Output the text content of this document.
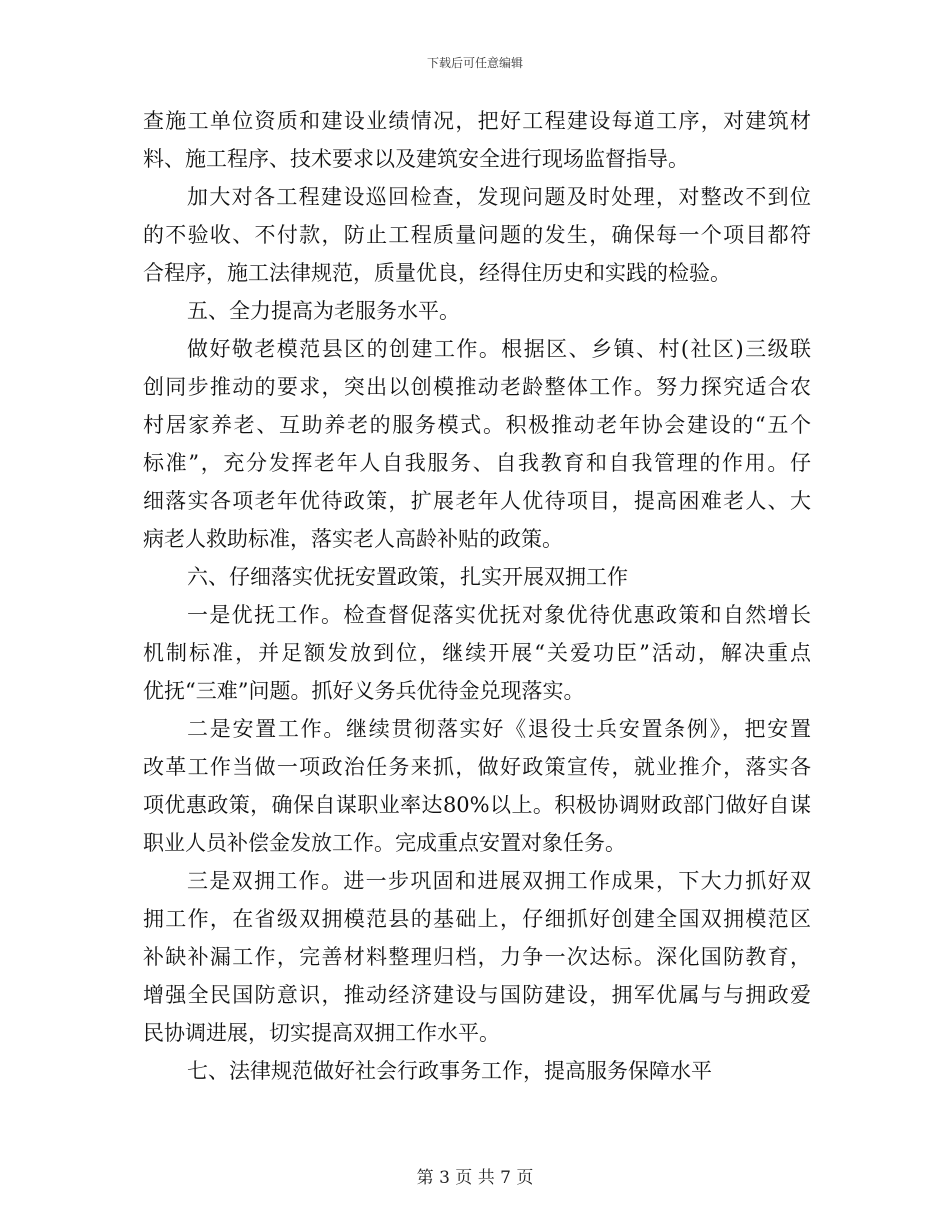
下载后可任意编辑
查施工单位资质和建设业绩情况，把好工程建设每道工序，对建筑材
料、施工程序、技术要求以及建筑安全进行现场监督指导。
加大对各工程建设巡回检查，发现问题及时处理，对整改不到位
的不验收、不付款，防止工程质量问题的发生，确保每一个项目都符
合程序，施工法律规范，质量优良，经得住历史和实践的检验。
五、全力提高为老服务水平。
做好敬老模范县区的创建工作。根据区、乡镇、村(社区)三级联
创同步推动的要求，突出以创模推动老龄整体工作。努力探究适合农
村居家养老、互助养老的服务模式。积极推动老年协会建设的“五个
标准”，充分发挥老年人自我服务、自我教育和自我管理的作用。仔
细落实各项老年优待政策，扩展老年人优待项目，提高困难老人、大
病老人救助标准，落实老人高龄补贴的政策。
六、仔细落实优抚安置政策，扎实开展双拥工作
一是优抚工作。检查督促落实优抚对象优待优惠政策和自然增长
机制标准，并足额发放到位，继续开展“关爱功臣”活动，解决重点
优抚“三难”问题。抓好义务兵优待金兑现落实。
二是安置工作。继续贯彻落实好《退役士兵安置条例》，把安置
改革工作当做一项政治任务来抓，做好政策宣传，就业推介，落实各
项优惠政策，确保自谋职业率达80%以上。积极协调财政部门做好自谋
职业人员补偿金发放工作。完成重点安置对象任务。
三是双拥工作。进一步巩固和进展双拥工作成果，下大力抓好双
拥工作，在省级双拥模范县的基础上，仔细抓好创建全国双拥模范区
补缺补漏工作，完善材料整理归档，力争一次达标。深化国防教育，
增强全民国防意识，推动经济建设与国防建设，拥军优属与与拥政爱
民协调进展，切实提高双拥工作水平。
七、法律规范做好社会行政事务工作，提高服务保障水平
第 3 页 共 7 页
